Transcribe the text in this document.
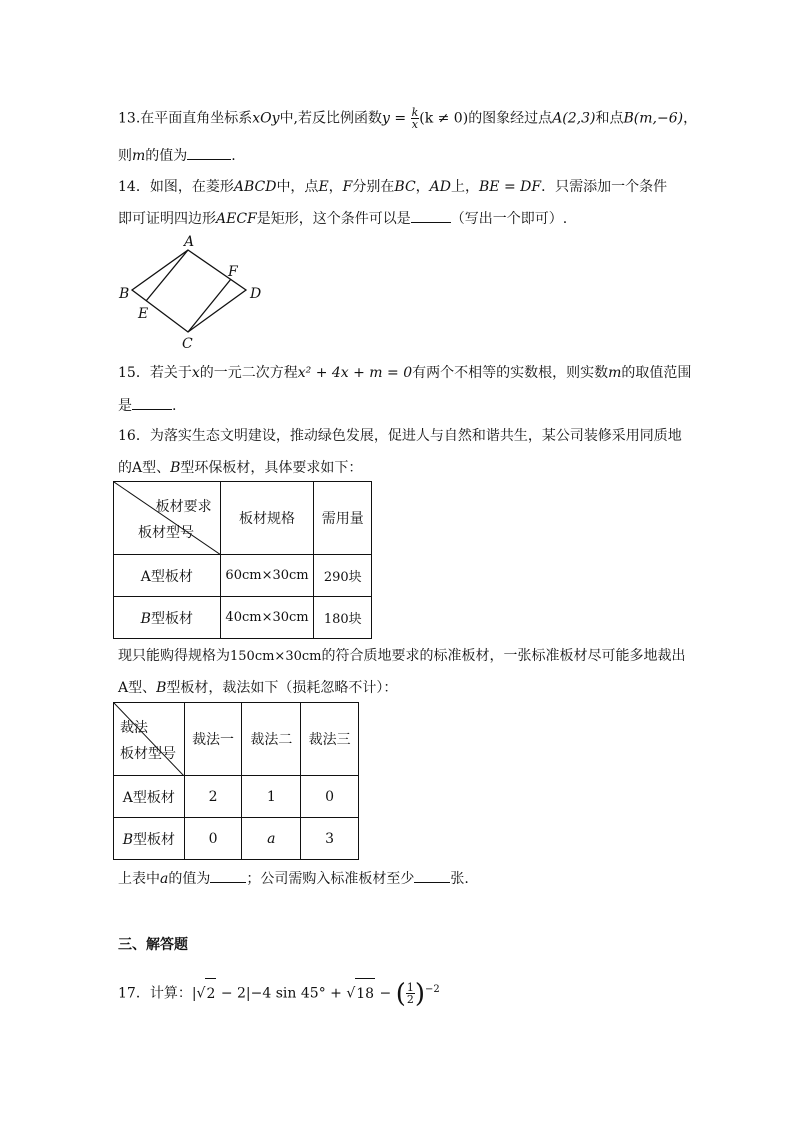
13.在平面直角坐标系xOy中,若反比例函数$y = \frac{k}{x} (k \ne 0)$的图象经过点A(2,3)和点B(m,−6)，
则m的值为	.
14．如图，在菱形ABCD中，点E，F分别在BC，AD上，BE = DF．只需添加一个条件
即可证明四边形AECF是矩形，这个条件可以是	（写出一个即可）.
A
B
C
D
E
F
15．若关于x的一元二次方程x² + 4x + m = 0有两个不相等的实数根，则实数m的取值范围
是	.
16．为落实生态文明建设，推动绿色发展，促进人与自然和谐共生，某公司装修采用同质地
的A型、B型环保板材，具体要求如下：
板材要求
板材型号	板材规格	需用量
A型板材	60cm×30cm	290块
B型板材	40cm×30cm	180块
现只能购得规格为150cm×30cm的符合质地要求的标准板材，一张标准板材尽可能多地裁出
A型、B型板材，裁法如下（损耗忽略不计）：
裁法
板材型号	裁法一	裁法二	裁法三
A型板材	2	1	0
B型板材	0	a	3
上表中a的值为	；公司需购入标准板材至少	张.
三、解答题
17．计算：|√2 − 2|−4 sin 45° + √18 − ( $\frac{1}{2} )^{-2}$
